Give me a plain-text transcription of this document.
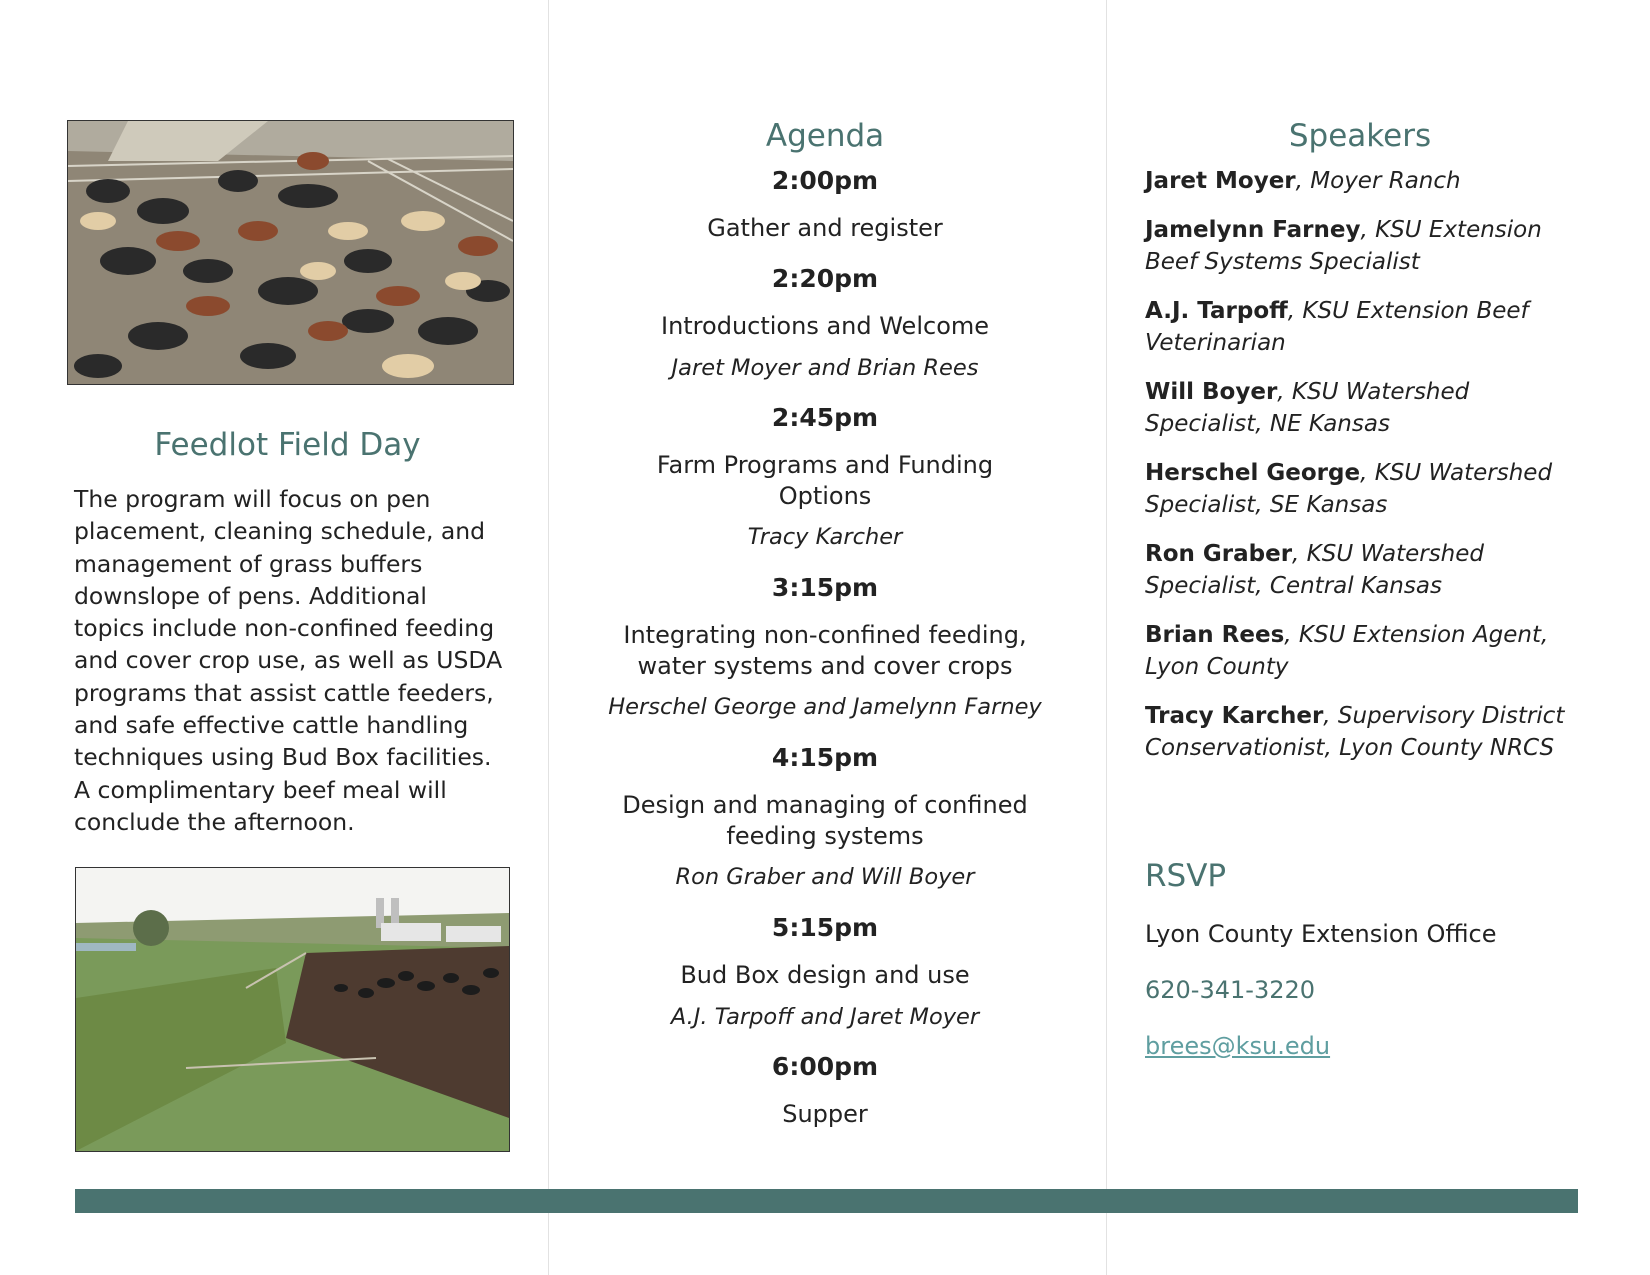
Feedlot Field Day

The program will focus on pen placement, cleaning schedule, and management of grass buffers downslope of pens. Additional topics include non-confined feeding and cover crop use, as well as USDA programs that assist cattle feeders, and safe effective cattle handling techniques using Bud Box facilities. A complimentary beef meal will conclude the afternoon.

Agenda
2:00pm
Gather and register
2:20pm
Introductions and Welcome
Jaret Moyer and Brian Rees
2:45pm
Farm Programs and Funding Options
Tracy Karcher
3:15pm
Integrating non-confined feeding, water systems and cover crops
Herschel George and Jamelynn Farney
4:15pm
Design and managing of confined feeding systems
Ron Graber and Will Boyer
5:15pm
Bud Box design and use
A.J. Tarpoff and Jaret Moyer
6:00pm
Supper
Speakers
Jaret Moyer, Moyer Ranch
Jamelynn Farney, KSU Extension Beef Systems Specialist
A.J. Tarpoff, KSU Extension Beef Veterinarian
Will Boyer, KSU Watershed Specialist, NE Kansas
Herschel George, KSU Watershed Specialist, SE Kansas
Ron Graber, KSU Watershed Specialist, Central Kansas
Brian Rees, KSU Extension Agent, Lyon County
Tracy Karcher, Supervisory District Conservationist, Lyon County NRCS
RSVP
Lyon County Extension Office
620-341-3220
brees@ksu.edu
